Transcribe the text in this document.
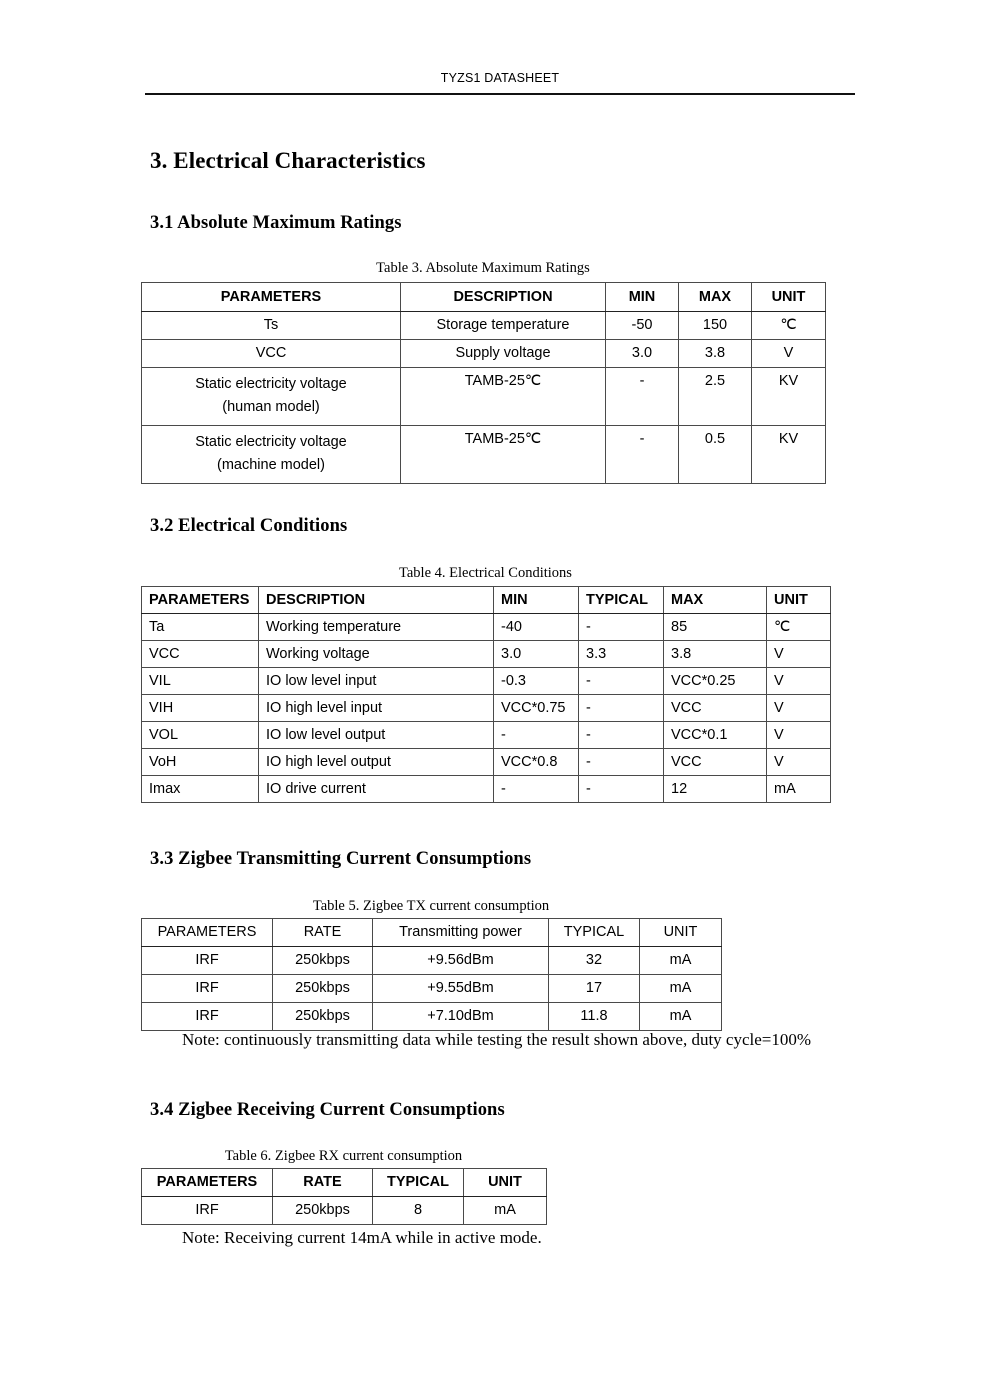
TYZS1 DATASHEET
3. Electrical Characteristics
3.1 Absolute Maximum Ratings
Table 3. Absolute Maximum Ratings
PARAMETERS	DESCRIPTION	MIN	MAX	UNIT
Ts	Storage temperature	-50	150	℃
VCC	Supply voltage	3.0	3.8	V

Static electricity voltage
(human model)	TAMB-25℃	-	2.5	KV

Static electricity voltage
(machine model)	TAMB-25℃	-	0.5	KV
3.2 Electrical Conditions
Table 4. Electrical Conditions
PARAMETERS	DESCRIPTION	MIN	TYPICAL	MAX	UNIT
Ta	Working temperature	-40	-	85	℃
VCC	Working voltage	3.0	3.3	3.8	V
VIL	IO low level input	-0.3	-	VCC*0.25	V
VIH	IO high level input	VCC*0.75	-	VCC	V
VOL	IO low level output	-	-	VCC*0.1	V
VoH	IO high level output	VCC*0.8	-	VCC	V
Imax	IO drive current	-	-	12	mA
3.3 Zigbee Transmitting Current Consumptions
Table 5. Zigbee TX current consumption
PARAMETERS	RATE	Transmitting power	TYPICAL	UNIT
IRF	250kbps	+9.56dBm	32	mA
IRF	250kbps	+9.55dBm	17	mA
IRF	250kbps	+7.10dBm	11.8	mA
Note: continuously transmitting data while testing the result shown above, duty cycle=100%
3.4 Zigbee Receiving Current Consumptions
Table 6. Zigbee RX current consumption
PARAMETERS	RATE	TYPICAL	UNIT
IRF	250kbps	8	mA
Note: Receiving current 14mA while in active mode.
